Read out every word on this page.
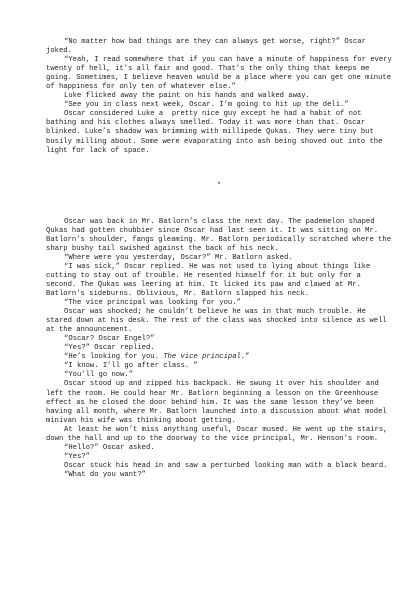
“No matter how bad things are they can always get worse, right?” Oscar joked.

“Yeah, I read somewhere that if you can have a minute of happiness for every twenty of hell, it’s all fair and good. That’s the only thing that keeps me going. Sometimes, I believe heaven would be a place where you can get one minute of happiness for only ten of whatever else.”

Luke flicked away the paint on his hands and walked away.

“See you in class next week, Oscar. I’m going to hit up the deli.”

Oscar considered Luke a  pretty nice guy except he had a habit of not bathing and his clothes always smelled. Today it was more than that. Oscar blinked. Luke’s shadow was brimming with millipede Qukas. They were tiny but busily milling about. Some were evaporating into ash being shoved out into the light for lack of space.

*

Oscar was back in Mr. Batlorn’s class the next day. The pademelon shaped Qukas had gotten chubbier since Oscar had last seen it. It was sitting on Mr. Batlorn’s shoulder, fangs gleaming. Mr. Batlorn periodically scratched where the sharp bushy tail swished against the back of his neck.

“Where were you yesterday, Oscar?” Mr. Batlorn asked.

“I was sick,” Oscar replied. He was not used to lying about things like cutting to stay out of trouble. He resented himself for it but only for a second. The Qukas was leering at him. It licked its paw and clawed at Mr. Batlorn’s sideburns. Oblivious, Mr. Batlorn slapped his neck.

“The vice principal was looking for you.”

Oscar was shocked; he couldn’t believe he was in that much trouble. He stared down at his desk. The rest of the class was shocked into silence as well at the announcement.

“Oscar? Oscar Engel?”

“Yes?” Oscar replied.

“He’s looking for you. The vice principal.”

“I know. I’ll go after class. ”

“You’ll go now.”

Oscar stood up and zipped his backpack. He swung it over his shoulder and left the room. He could hear Mr. Batlorn beginning a lesson on the Greenhouse effect as he closed the door behind him. It was the same lesson they’ve been having all month, where Mr. Batlorn launched into a discussion about what model minivan his wife was thinking about getting.

At least he won’t miss anything useful, Oscar mused. He went up the stairs, down the hall and up to the doorway to the vice principal, Mr. Henson’s room.

“Hello?” Oscar asked.

“Yes?”

Oscar stuck his head in and saw a perturbed looking man with a black beard.

“What do you want?”
